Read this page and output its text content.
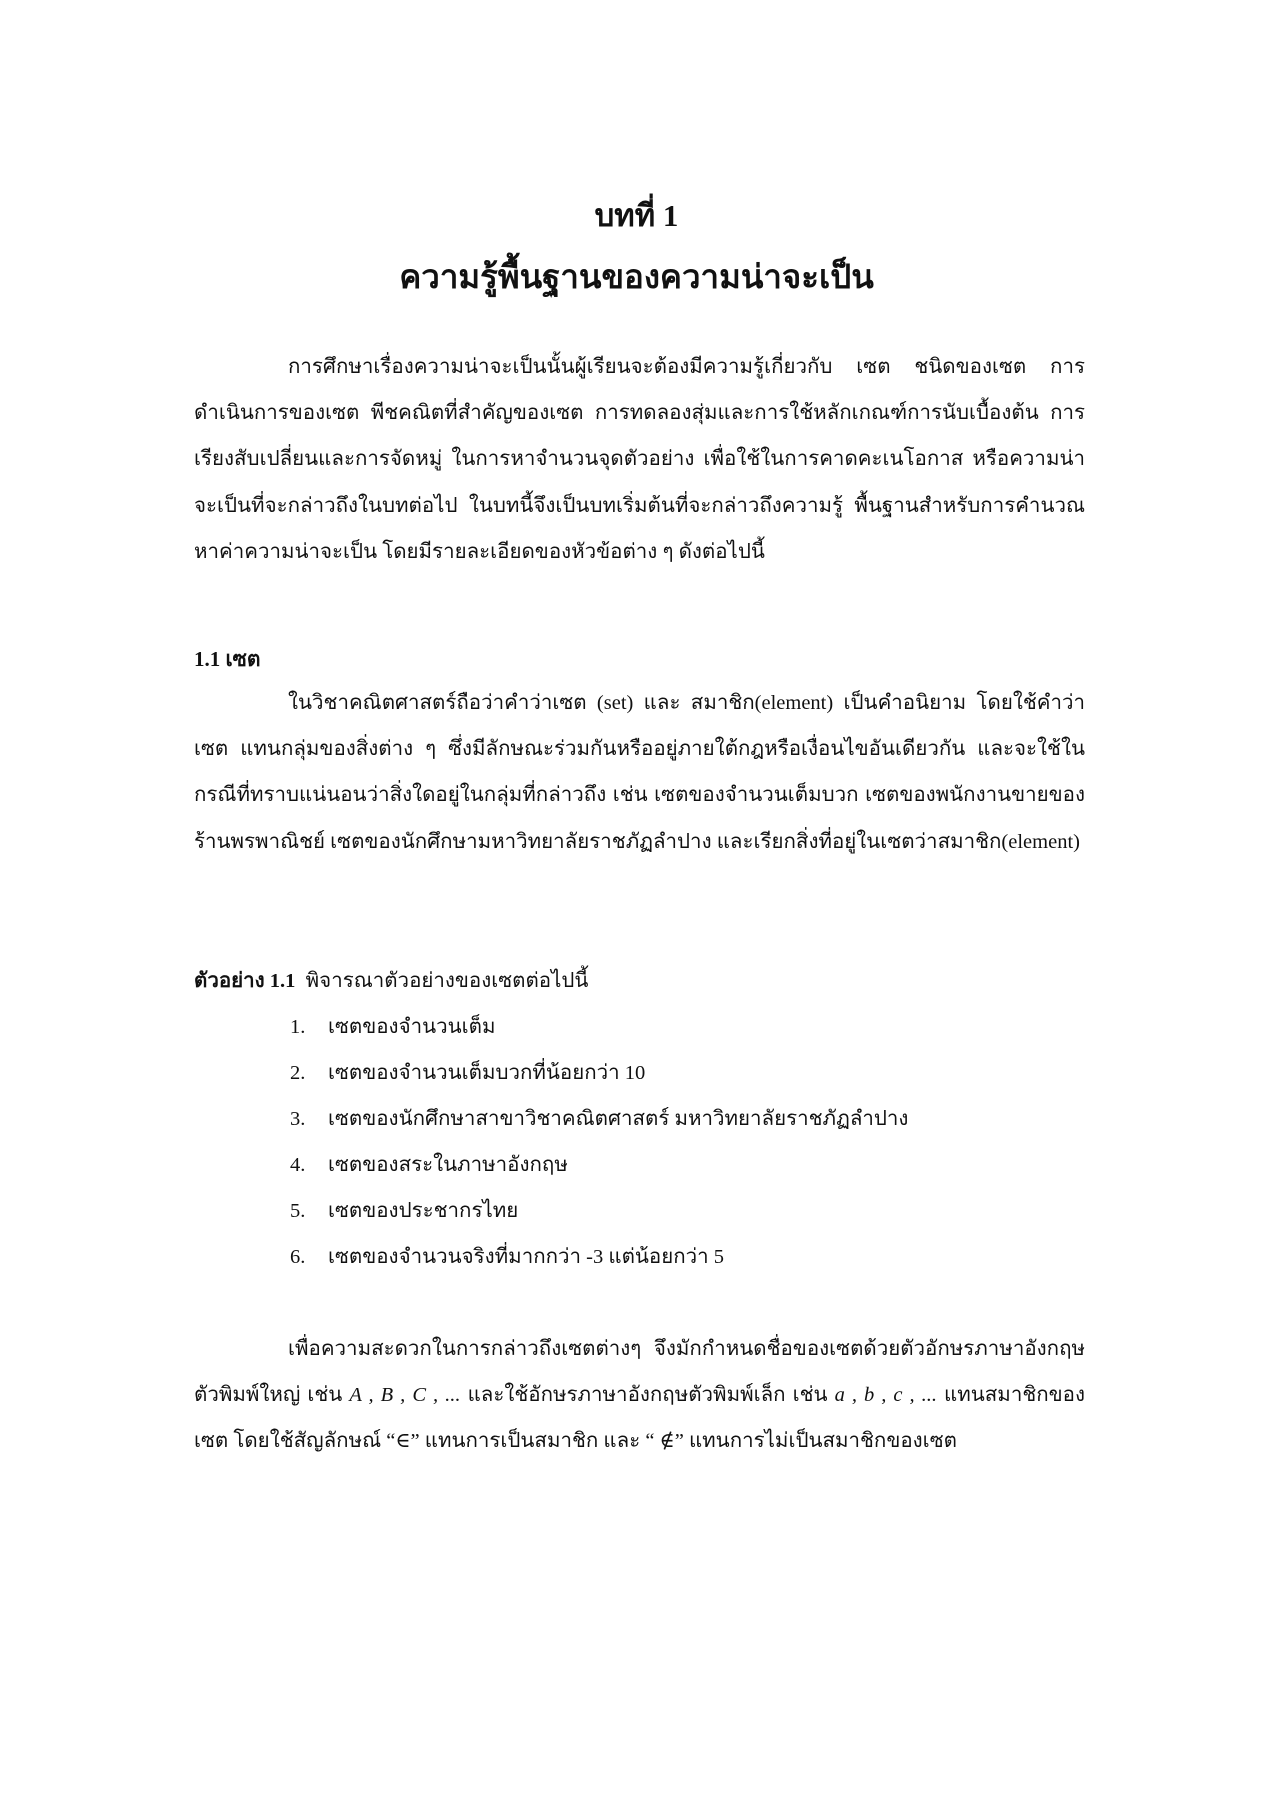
บทที่ 1
ความรู้พื้นฐานของความน่าจะเป็น
การศึกษาเรื่องความน่าจะเป็นนั้นผู้เรียนจะต้องมีความรู้เกี่ยวกับ เซต ชนิดของเซต การดำเนินการของเซต พีชคณิตที่สำคัญของเซต การทดลองสุ่มและการใช้หลักเกณฑ์การนับเบื้องต้น การเรียงสับเปลี่ยนและการจัดหมู่ ในการหาจำนวนจุดตัวอย่าง เพื่อใช้ในการคาดคะเนโอกาส หรือความน่าจะเป็นที่จะกล่าวถึงในบทต่อไป ในบทนี้จึงเป็นบทเริ่มต้นที่จะกล่าวถึงความรู้ พื้นฐานสำหรับการคำนวณหาค่าความน่าจะเป็น โดยมีรายละเอียดของหัวข้อต่าง ๆ ดังต่อไปนี้
1.1 เซต
ในวิชาคณิตศาสตร์ถือว่าคำว่าเซต (set) และ สมาชิก(element) เป็นคำอนิยาม โดยใช้คำว่า เซต แทนกลุ่มของสิ่งต่าง ๆ ซึ่งมีลักษณะร่วมกันหรืออยู่ภายใต้กฎหรือเงื่อนไขอันเดียวกัน และจะใช้ในกรณีที่ทราบแน่นอนว่าสิ่งใดอยู่ในกลุ่มที่กล่าวถึง เช่น เซตของจำนวนเต็มบวก เซตของพนักงานขายของร้านพรพาณิชย์ เซตของนักศึกษามหาวิทยาลัยราชภัฏลำปาง และเรียกสิ่งที่อยู่ในเซตว่าสมาชิก(element)
ตัวอย่าง 1.1 พิจารณาตัวอย่างของเซตต่อไปนี้
1.	เซตของจำนวนเต็ม
2.	เซตของจำนวนเต็มบวกที่น้อยกว่า 10
3.	เซตของนักศึกษาสาขาวิชาคณิตศาสตร์ มหาวิทยาลัยราชภัฏลำปาง
4.	เซตของสระในภาษาอังกฤษ
5.	เซตของประชากรไทย
6.	เซตของจำนวนจริงที่มากกว่า -3 แต่น้อยกว่า 5
เพื่อความสะดวกในการกล่าวถึงเซตต่างๆ จึงมักกำหนดชื่อของเซตด้วยตัวอักษรภาษาอังกฤษตัวพิมพ์ใหญ่ เช่น A , B , C , ... และใช้อักษรภาษาอังกฤษตัวพิมพ์เล็ก เช่น a , b , c , ... แทนสมาชิกของเซต โดยใช้สัญลักษณ์ “∈” แทนการเป็นสมาชิก และ “ ∉” แทนการไม่เป็นสมาชิกของเซต
